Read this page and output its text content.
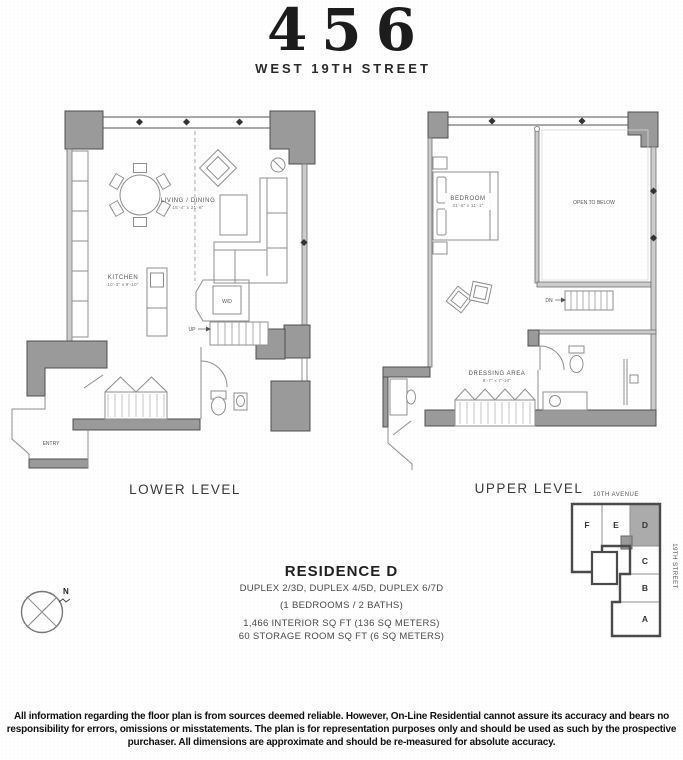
456
WEST 19TH STREET
W/D
UP
LIVING / DINING
15'-4" x 21'-8"
KITCHEN
10'-3" x 9'-10"
ENTRY
LOWER LEVEL
DN
BEDROOM
21'-6" x 11'-1"	OPEN TO BELOW
DRESSING AREA
6'-7" x 7'-10"
UPPER LEVEL
N
RESIDENCE D
DUPLEX 2/3D, DUPLEX 4/5D, DUPLEX 6/7D
(1 BEDROOMS / 2 BATHS)
1,466 INTERIOR SQ FT (136 SQ METERS)
60 STORAGE ROOM SQ FT (6 SQ METERS)
10TH AVENUE
19TH STREET
F	E	D
C
B
A
All information regarding the floor plan is from sources deemed reliable. However, On-Line Residential cannot assure its accuracy and bears no responsibility for errors, omissions or misstatements. The plan is for representation purposes only and should be used as such by the prospective purchaser. All dimensions are approximate and should be re-measured for absolute accuracy.
